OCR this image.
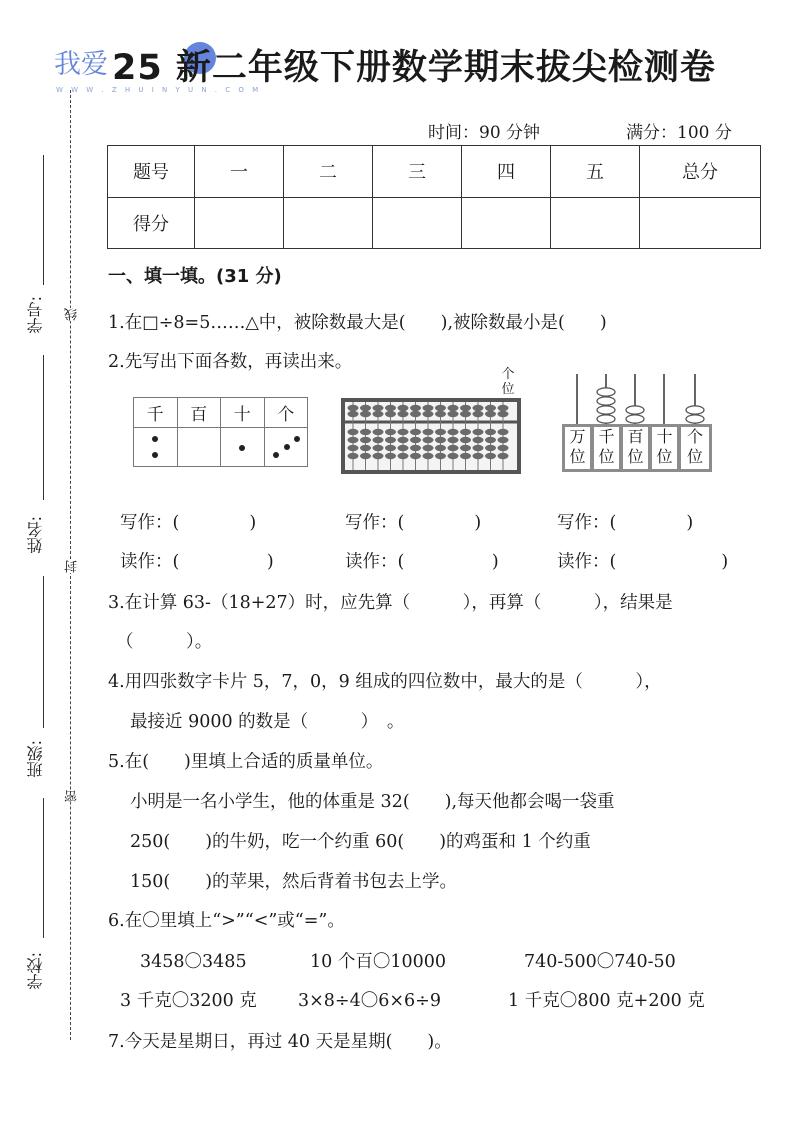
我爱
W W W . Z H U I N Y U N . C O M
25 新二年级下册数学期末拔尖检测卷
时间：90 分钟	满分：100 分
题号	一	二	三	四	五	总分
得分						
学号:
姓名:
班级:
学校:
线
封
密
一、填一填。(31 分)
1.在□÷8=5……△中，被除数最大是(　　),被除数最小是(　　)
2.先写出下面各数，再读出来。
千	百	十	个

个位
万位
千位
百位
十位
个位
写作：(　　　　)	写作：(　　　　)	写作：(　　　　)
读作：(　　　　　)	读作：(　　　　　)	读作：(　　　　　　)
3.在计算 63-（18+27）时，应先算（　　　），再算（　　　），结果是
（　　　）。
4.用四张数字卡片 5，7，0，9 组成的四位数中，最大的是（　　　），
最接近 9000 的数是（　　　）　。
5.在(　　)里填上合适的质量单位。
小明是一名小学生，他的体重是 32(　　),每天他都会喝一袋重
250(　　)的牛奶，吃一个约重 60(　　)的鸡蛋和 1 个约重
150(　　)的苹果，然后背着书包去上学。
6.在〇里填上“>”“<”或“=”。
3458〇3485	10 个百〇10000	740-500〇740-50
3 千克〇3200 克 3×8÷4〇6×6÷9	1 千克〇800 克+200 克
7.今天是星期日，再过 40 天是星期(　　)。
